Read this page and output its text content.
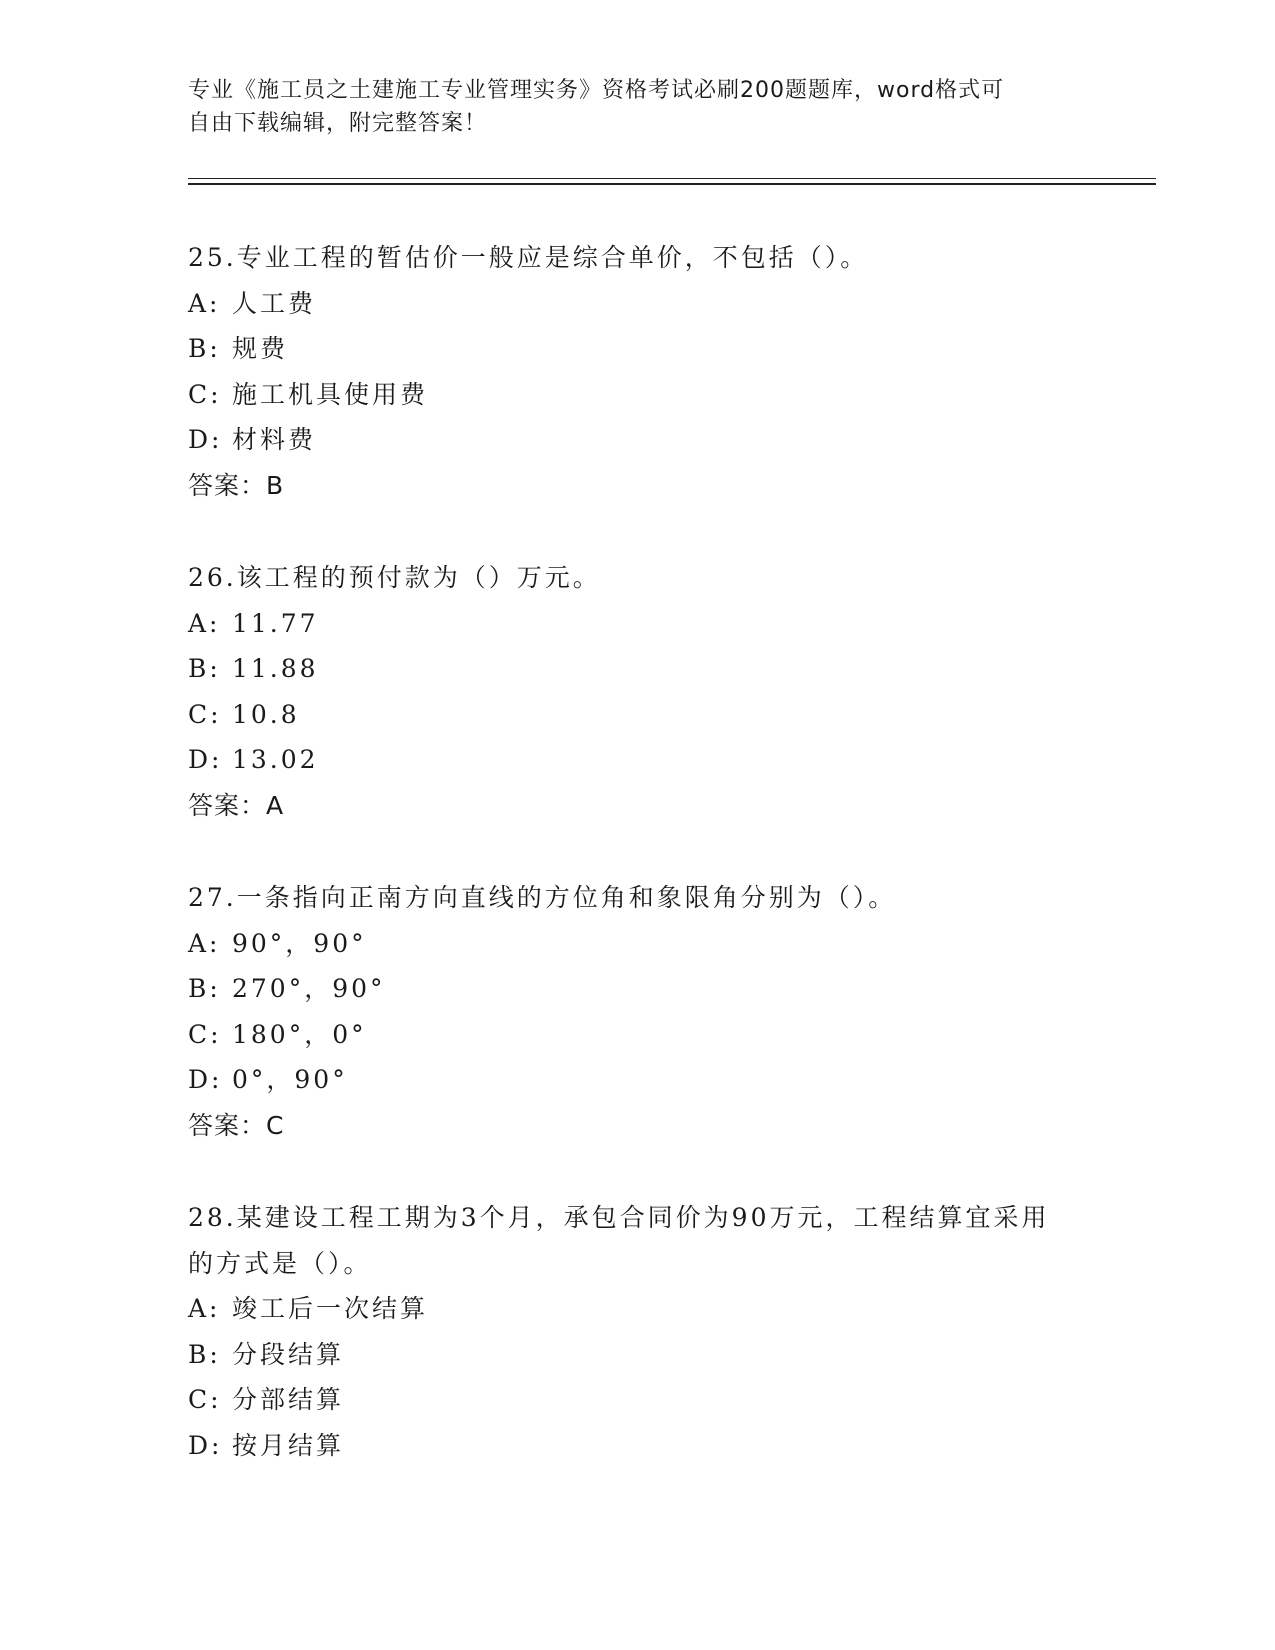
专业《施工员之土建施工专业管理实务》资格考试必刷200题题库，word格式可
自由下载编辑，附完整答案！
25.专业工程的暂估价一般应是综合单价，不包括（）。
A: 人工费
B: 规费
C: 施工机具使用费
D: 材料费
答案：B
26.该工程的预付款为（）万元。
A: 11.77
B: 11.88
C: 10.8
D: 13.02
答案：A
27.一条指向正南方向直线的方位角和象限角分别为（）。
A: 90°，90°
B: 270°，90°
C: 180°，0°
D: 0°，90°
答案：C
28.某建设工程工期为3个月，承包合同价为90万元，工程结算宜采用的方式是（）。
A: 竣工后一次结算
B: 分段结算
C: 分部结算
D: 按月结算
